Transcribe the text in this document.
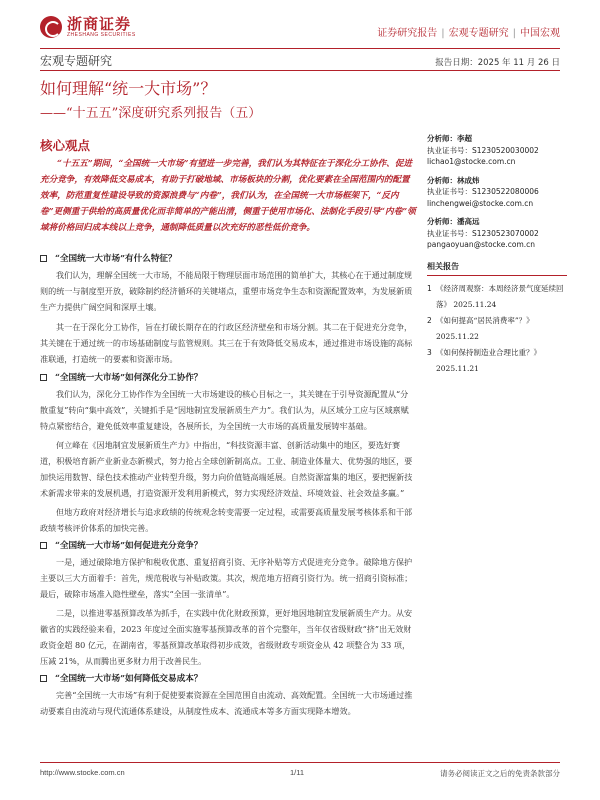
浙商证券
ZHESHANG SECURITIES	证券研究报告 | 宏观专题研究 | 中国宏观
宏观专题研究	报告日期：2025 年 11 月 26 日
如何理解“统一大市场”？
——“十五五”深度研究系列报告（五）
核心观点
“十五五”期间，“全国统一大市场”有望进一步完善，我们认为其特征在于深化分工协作、促进充分竞争，有效降低交易成本，有助于打破地域、市场板块的分割，优化要素在全国范围内的配置效率，防范重复性建设导致的资源浪费与“内卷”，我们认为，在全国统一大市场框架下，“反内卷”更侧重于供给的高质量优化而非简单的产能出清，侧重于使用市场化、法制化手段引导“内卷”领域将价格回归成本线以上竞争，通制降低质量以次充好的恶性低价竞争。
分析师：李超
执业证书号：S1230520030002
lichao1@stocke.com.cn
分析师：林成炜
执业证书号：S1230522080006
linchengwei@stocke.com.cn
分析师：潘高远
执业证书号：S1230523070002
pangaoyuan@stocke.com.cn
相关报告
1 《经济周观察：本周经济景气度延续回落》 2025.11.24
2 《如何提高“居民消费率”？》 2025.11.22
3 《如何保持制造业合理比重？》 2025.11.21
“全国统一大市场”有什么特征？
我们认为，理解全国统一大市场，不能局限于物理层面市场范围的简单扩大，其核心在于通过制度规则的统一与制度型开放，破除制约经济循环的关键堵点，重塑市场竞争生态和资源配置效率，为发展新质生产力提供广阔空间和深厚土壤。
其一在于深化分工协作，旨在打破长期存在的行政区经济壁垒和市场分割。其二在于促进充分竞争，其关键在于通过统一的市场基础制度与监管规则。其三在于有效降低交易成本，通过推进市场设施的高标准联通，打造统一的要素和资源市场。
“全国统一大市场”如何深化分工协作？
我们认为，深化分工协作作为全国统一大市场建设的核心目标之一，其关键在于引导资源配置从“分散重复”转向“集中高效”，关键抓手是“因地制宜发展新质生产力”。我们认为，从区域分工应与区域禀赋特点紧密结合，避免低效率重复建设，各展所长，为全国统一大市场的高质量发展铸牢基础。
何立峰在《因地制宜发展新质生产力》中指出，“科技资源丰富、创新活动集中的地区，要选好赛道，积极培育新产业新业态新模式，努力抢占全球创新制高点。工业、制造业体量大、优势强的地区，要加快运用数智、绿色技术推动产业转型升级，努力向价值链高端延展。自然资源富集的地区，要把握新技术新需求带来的发展机遇，打造资源开发利用新模式，努力实现经济效益、环境效益、社会效益多赢。”
但地方政府对经济增长与追求政绩的传统观念转变需要一定过程，或需要高质量发展考核体系和干部政绩考核评价体系的加快完善。
“全国统一大市场”如何促进充分竞争？
一是，通过破除地方保护和税收优惠、重复招商引资、无序补贴等方式促进充分竞争。破除地方保护主要以三大方面着手：首先，规范税收与补贴政策。其次，规范地方招商引资行为。统一招商引资标准；最后，破除市场准入隐性壁垒，落实“全国一张清单”。
二是，以推进零基预算改革为抓手，在实践中优化财政预算，更好地因地制宜发展新质生产力。从安徽省的实践经验来看，2023 年度过全面实施零基预算改革的首个完整年，当年仅省级财政“挤”出无效财政资金超 80 亿元，在湖南省，零基预算改革取得初步成效，省级财政专项资金从 42 项整合为 33 项，压减 21%，从而腾出更多财力用于改善民生。
“全国统一大市场”如何降低交易成本？
完善“全国统一大市场”有利于促使要素资源在全国范围自由流动、高效配置。全国统一大市场通过推动要素自由流动与现代流通体系建设，从制度性成本、流通成本等多方面实现降本增效。
http://www.stocke.com.cn	1/11	请务必阅读正文之后的免责条款部分
